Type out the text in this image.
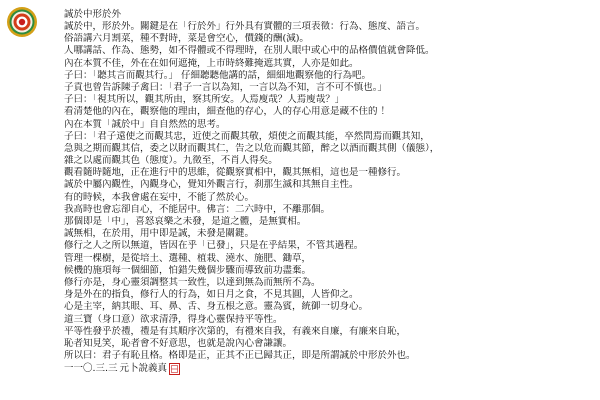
誠於中形於外
誠於中，形於外。關鍵是在「行於外」行外具有實體的三項表徵：行為、態度、語言。
俗語講六月割菜，種不對時，菜是會空心，價錢的酬(減)。
人哪講話、作為、態勢，如不得體或不得理時，在別人眼中或心中的品格價值就會降低。
內在本質不佳，外在在如何遮掩，上市時終難掩遮其實，人亦是如此。
子曰：「聽其言而觀其行。」 仔細聽聽他講的話，細細地觀察他的行為吧。
子貢也曾告訴陳子禽曰：「君子一言以為知，一言以為不知，言不可不慎也。」
子曰：「視其所以，觀其所由，察其所安。人焉廋哉？人焉廋哉？」
看清楚他的內在，觀察他的理由，細查他的存心，人的存心用意是藏不住的 ！
內在本質「誠於中」自自然然的思考。
子曰：「君子遠使之而觀其忠，近使之而觀其敬，煩使之而觀其能，卒然問焉而觀其知，
急與之期而觀其信，委之以財而觀其仁，告之以危而觀其節，醉之以酒而觀其側（儀態），
雜之以處而觀其色（態度）。九徵至，不肖人得矣。
觀看隨時隨地，正在進行中的思維，從觀察實相中，觀其無相，這也是一種修行。
誠於中屬內觀性，內觀身心，覺知外觀言行，刹那生滅和其無自主性。
有的時候，本我會處在妄中，不能了然於心。
我高時也會忘卻自心，不能居中。佛言：二六時中，不離那個。
那個即是「中」，喜怒哀樂之未發，是道之體，是無實相。
誠無相，在於用，用中即是誠，未發是關鍵。
修行之人之所以無道，皆因在乎「已發」，只是在乎結果，不管其過程。
管理一棵樹，是從培土、選種、植栽、澆水、施肥、鋤草，
候機的施項每一個細節，怕錯失幾個步驟而導致前功盡棄。
修行亦是，身心靈須調整其一致性，以達到無為而無所不為。
身是外在的指負，修行人的行為，如日月之食，不見其圓，人皆仰之。
心是主宰，納其眼、耳、鼻、舌、身五根之意。靈為賓，統御一切身心。
道三寶（身口意）欲求清淨，得身心靈保持平等性。
平等性發乎於禮，禮是有其順序次第的，有禮來自我，有義來自廉，有廉來自恥，
恥者知見笑，恥者會不好意思，也就是說內心會謙讓。
所以曰：君子有恥且格。格即是正，正其不正已歸其正，即是所謂誠於中形於外也。
一一〇.三.三 元卜說義真
